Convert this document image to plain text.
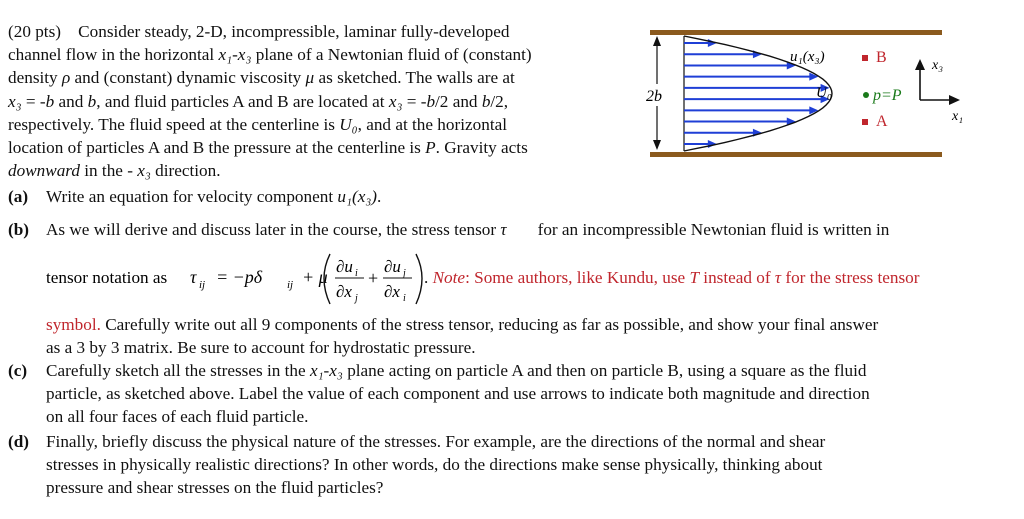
(20 pts)    Consider steady, 2-D, incompressible, laminar fully-developed
channel flow in the horizontal x₁-x₃ plane of a Newtonian fluid of (constant)
density ρ and (constant) dynamic viscosity μ as sketched. The walls are at
x₃ = -b and b, and fluid particles A and B are located at x₃ = -b/2 and b/2,
respectively. The fluid speed at the centerline is U₀, and at the horizontal
location of particles A and B the pressure at the centerline is P. Gravity acts
downward in the - x₃ direction.
2b
u₁(x₃)
U₀
B
p=P
A
x₃
x₁
(a) Write an equation for velocity component u₁(x₃).
(b) As we will derive and discuss later in the course, the stress tensor τ⃗⃗ for an incompressible Newtonian fluid is written in
tensor notation as τ ij = −pδ ij + μ
∂u i
∂x j
+
∂u j
∂x i
. Note: Some authors, like Kundu, use T instead of τ for the stress tensor
symbol. Carefully write out all 9 components of the stress tensor, reducing as far as possible, and show your final answer
as a 3 by 3 matrix. Be sure to account for hydrostatic pressure.
(c) Carefully sketch all the stresses in the x₁-x₃ plane acting on particle A and then on particle B, using a square as the fluid
particle, as sketched above. Label the value of each component and use arrows to indicate both magnitude and direction
on all four faces of each fluid particle.
(d) Finally, briefly discuss the physical nature of the stresses. For example, are the directions of the normal and shear
stresses in physically realistic directions? In other words, do the directions make sense physically, thinking about
pressure and shear stresses on the fluid particles?
